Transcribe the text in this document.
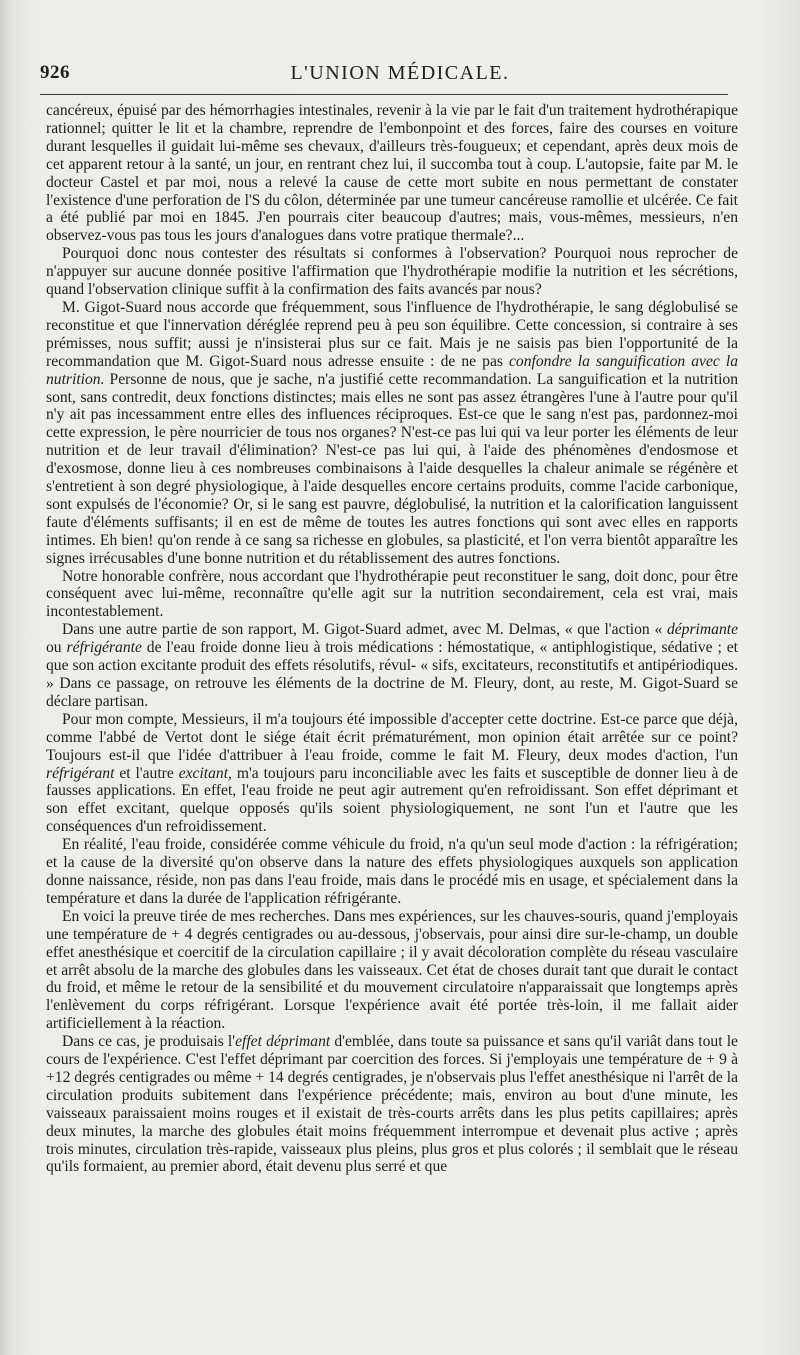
926	L'UNION MÉDICALE.

cancéreux, épuisé par des hémorrhagies intestinales, revenir à la vie par le fait d'un traitement hydrothérapique rationnel; quitter le lit et la chambre, reprendre de l'embonpoint et des forces, faire des courses en voiture durant lesquelles il guidait lui-même ses chevaux, d'ailleurs très-fougueux; et cependant, après deux mois de cet apparent retour à la santé, un jour, en rentrant chez lui, il succomba tout à coup. L'autopsie, faite par M. le docteur Castel et par moi, nous a relevé la cause de cette mort subite en nous permettant de constater l'existence d'une perforation de l'S du côlon, déterminée par une tumeur cancéreuse ramollie et ulcérée. Ce fait a été publié par moi en 1845. J'en pourrais citer beaucoup d'autres; mais, vous-mêmes, messieurs, n'en observez-vous pas tous les jours d'analogues dans votre pratique thermale?...

Pourquoi donc nous contester des résultats si conformes à l'observation? Pourquoi nous reprocher de n'appuyer sur aucune donnée positive l'affirmation que l'hydrothérapie modifie la nutrition et les sécrétions, quand l'observation clinique suffit à la confirmation des faits avancés par nous?

M. Gigot-Suard nous accorde que fréquemment, sous l'influence de l'hydrothérapie, le sang déglobulisé se reconstitue et que l'innervation déréglée reprend peu à peu son équilibre. Cette concession, si contraire à ses prémisses, nous suffit; aussi je n'insisterai plus sur ce fait. Mais je ne saisis pas bien l'opportunité de la recommandation que M. Gigot-Suard nous adresse ensuite : de ne pas confondre la sanguification avec la nutrition. Personne de nous, que je sache, n'a justifié cette recommandation. La sanguification et la nutrition sont, sans contredit, deux fonctions distinctes; mais elles ne sont pas assez étrangères l'une à l'autre pour qu'il n'y ait pas incessamment entre elles des influences réciproques. Est-ce que le sang n'est pas, pardonnez-moi cette expression, le père nourricier de tous nos organes? N'est-ce pas lui qui va leur porter les éléments de leur nutrition et de leur travail d'élimination? N'est-ce pas lui qui, à l'aide des phénomènes d'endosmose et d'exosmose, donne lieu à ces nombreuses combinaisons à l'aide desquelles la chaleur animale se régénère et s'entretient à son degré physiologique, à l'aide desquelles encore certains produits, comme l'acide carbonique, sont expulsés de l'économie? Or, si le sang est pauvre, déglobulisé, la nutrition et la calorification languissent faute d'éléments suffisants; il en est de même de toutes les autres fonctions qui sont avec elles en rapports intimes. Eh bien! qu'on rende à ce sang sa richesse en globules, sa plasticité, et l'on verra bientôt apparaître les signes irrécusables d'une bonne nutrition et du rétablissement des autres fonctions.

Notre honorable confrère, nous accordant que l'hydrothérapie peut reconstituer le sang, doit donc, pour être conséquent avec lui-même, reconnaître qu'elle agit sur la nutrition secondairement, cela est vrai, mais incontestablement.

Dans une autre partie de son rapport, M. Gigot-Suard admet, avec M. Delmas, « que l'action « déprimante ou réfrigérante de l'eau froide donne lieu à trois médications : hémostatique, « antiphlogistique, sédative ; et que son action excitante produit des effets résolutifs, révul- « sifs, excitateurs, reconstitutifs et antipériodiques. » Dans ce passage, on retrouve les éléments de la doctrine de M. Fleury, dont, au reste, M. Gigot-Suard se déclare partisan.

Pour mon compte, Messieurs, il m'a toujours été impossible d'accepter cette doctrine. Est-ce parce que déjà, comme l'abbé de Vertot dont le siége était écrit prématurément, mon opinion était arrêtée sur ce point? Toujours est-il que l'idée d'attribuer à l'eau froide, comme le fait M. Fleury, deux modes d'action, l'un réfrigérant et l'autre excitant, m'a toujours paru inconciliable avec les faits et susceptible de donner lieu à de fausses applications. En effet, l'eau froide ne peut agir autrement qu'en refroidissant. Son effet déprimant et son effet excitant, quelque opposés qu'ils soient physiologiquement, ne sont l'un et l'autre que les conséquences d'un refroidissement.

En réalité, l'eau froide, considérée comme véhicule du froid, n'a qu'un seul mode d'action : la réfrigération; et la cause de la diversité qu'on observe dans la nature des effets physiologiques auxquels son application donne naissance, réside, non pas dans l'eau froide, mais dans le procédé mis en usage, et spécialement dans la température et dans la durée de l'application réfrigérante.

En voici la preuve tirée de mes recherches. Dans mes expériences, sur les chauves-souris, quand j'employais une température de + 4 degrés centigrades ou au-dessous, j'observais, pour ainsi dire sur-le-champ, un double effet anesthésique et coercitif de la circulation capillaire ; il y avait décoloration complète du réseau vasculaire et arrêt absolu de la marche des globules dans les vaisseaux. Cet état de choses durait tant que durait le contact du froid, et même le retour de la sensibilité et du mouvement circulatoire n'apparaissait que longtemps après l'enlèvement du corps réfrigérant. Lorsque l'expérience avait été portée très-loin, il me fallait aider artificiellement à la réaction.

Dans ce cas, je produisais l'effet déprimant d'emblée, dans toute sa puissance et sans qu'il variât dans tout le cours de l'expérience. C'est l'effet déprimant par coercition des forces. Si j'employais une température de + 9 à +12 degrés centigrades ou même + 14 degrés centigrades, je n'observais plus l'effet anesthésique ni l'arrêt de la circulation produits subitement dans l'expérience précédente; mais, environ au bout d'une minute, les vaisseaux paraissaient moins rouges et il existait de très-courts arrêts dans les plus petits capillaires; après deux minutes, la marche des globules était moins fréquemment interrompue et devenait plus active ; après trois minutes, circulation très-rapide, vaisseaux plus pleins, plus gros et plus colorés ; il semblait que le réseau qu'ils formaient, au premier abord, était devenu plus serré et que
